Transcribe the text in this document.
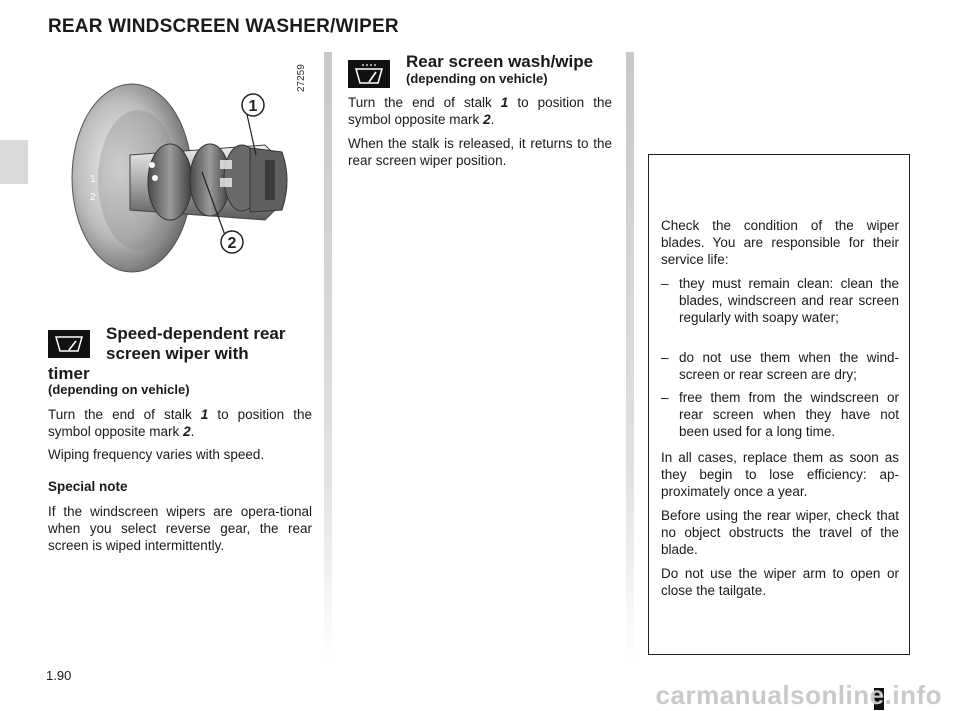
REAR WINDSCREEN WASHER/WIPER
1
2
1
2
27259
Speed-dependent rear
screen wiper with
timer
(depending on vehicle)

Turn the end of stalk 1 to position the symbol opposite mark 2.

Wiping frequency varies with speed.

Special note

If the windscreen wipers are opera-tional when you select reverse gear, the rear screen is wiped intermittently.

Rear screen wash/wipe
(depending on vehicle)

Turn the end of stalk 1 to position the symbol opposite mark 2.

When the stalk is released, it returns to the rear screen wiper position.

Check the condition of the wiper blades. You are responsible for their service life:

– they must remain clean: clean the blades, windscreen and rear screen regularly with soapy water;
– do not use them when the wind-screen or rear screen are dry;
– free them from the windscreen or rear screen when they have not been used for a long time.

In all cases, replace them as soon as they begin to lose efficiency: ap-proximately once a year.

Before using the rear wiper, check that no object obstructs the travel of the blade.

Do not use the wiper arm to open or close the tailgate.

1.90
carmanualsonline.info
